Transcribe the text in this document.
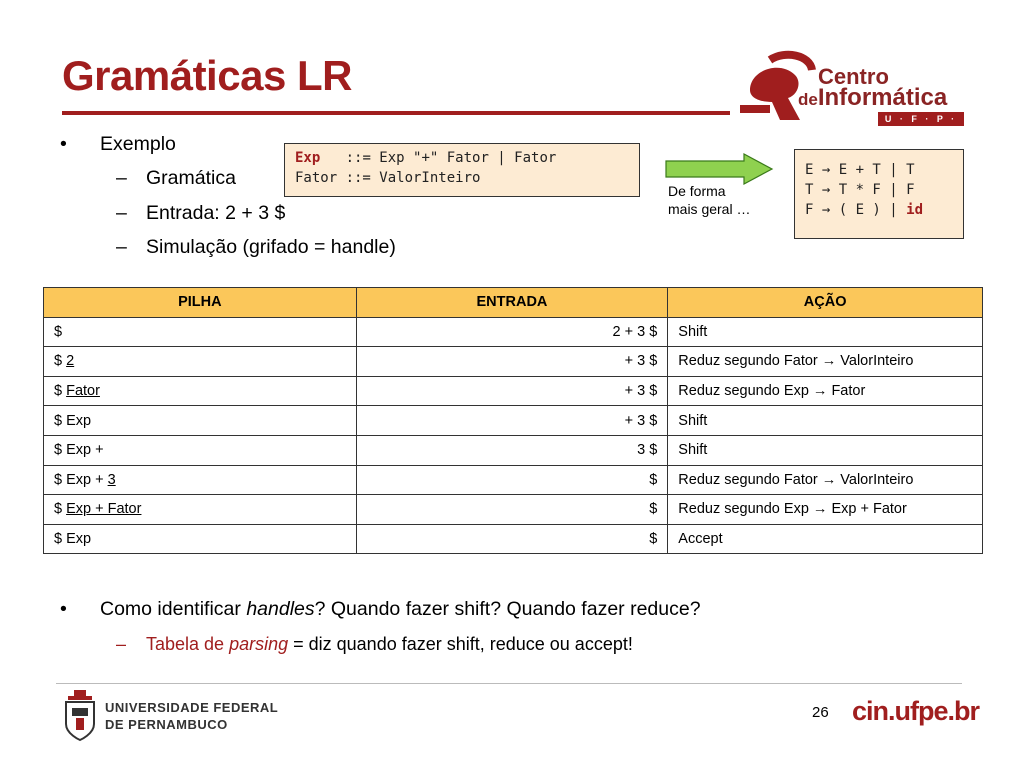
Gramáticas LR	Centro
deInformática
U · F · P · E
• Exemplo
– Gramática
– Entrada: 2 + 3 $
– Simulação (grifado = handle)
Exp   ::= Exp "+" Fator | Fator
Fator ::= ValorInteiro
De forma
mais geral …
E → E + T | T
T → T * F | F
F → ( E ) | id
PILHA	ENTRADA	AÇÃO
$	2 + 3 $	Shift
$ 2	+ 3 $	Reduz segundo Fator → ValorInteiro
$ Fator	+ 3 $	Reduz segundo Exp → Fator
$ Exp	+ 3 $	Shift
$ Exp +	3 $	Shift
$ Exp + 3	$	Reduz segundo Fator → ValorInteiro
$ Exp + Fator	$	Reduz segundo Exp → Exp + Fator
$ Exp	$	Accept
• Como identificar handles? Quando fazer shift? Quando fazer reduce?
– Tabela de parsing = diz quando fazer shift, reduce ou accept!
UNIVERSIDADE FEDERAL
DE PERNAMBUCO
26 cin.ufpe.br
